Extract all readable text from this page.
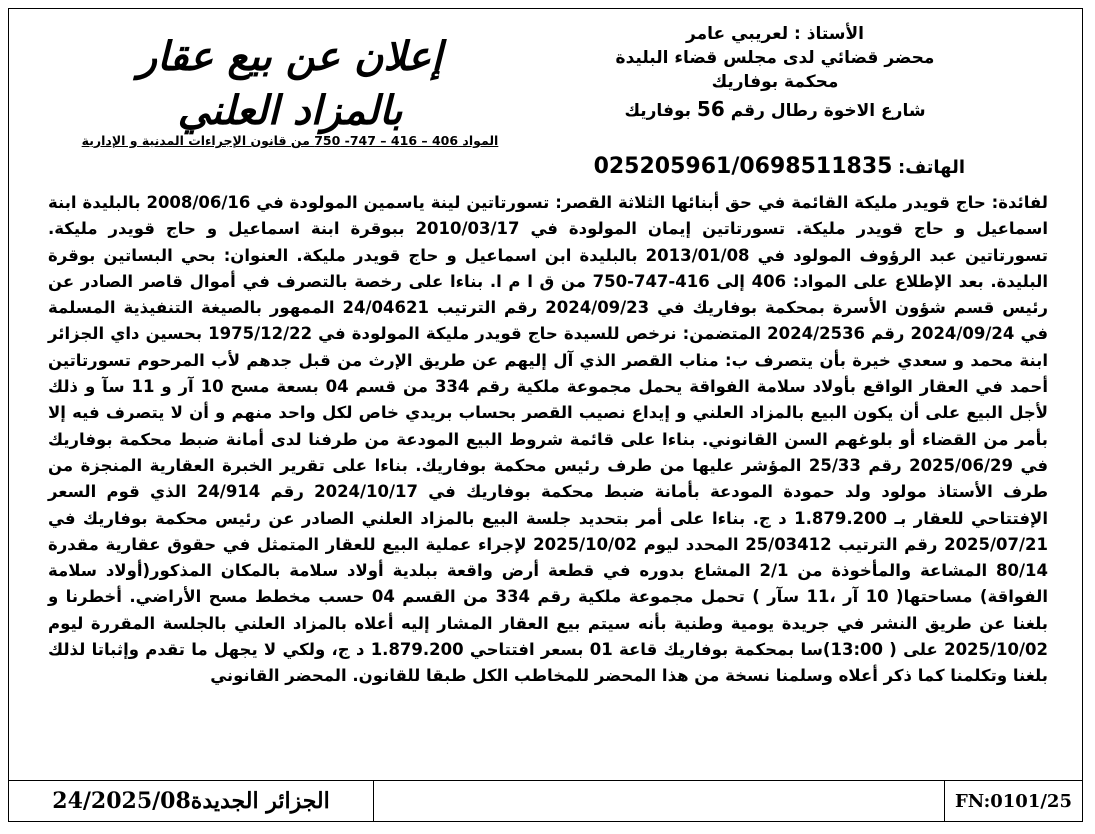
الأستاذ : لعريبي عامر
محضر قضائي لدى مجلس قضاء البليدة
محكمة بوفاريك
شارع الاخوة رطال رقم 56 بوفاريك
الهاتف: 025205961/0698511835
إعلان عن بيع عقار
بالمزاد العلني
المواد 406 – 416 – 747- 750 من قانون الإجراءات المدنية و الإدارية

لفائدة: حاج قويدر مليكة القائمة في حق أبنائها الثلاثة القصر: تسورتاتين لينة ياسمين المولودة في 2008/06/16 بالبليدة ابنة اسماعيل و حاج قويدر مليكة. تسورتاتين إيمان المولودة في 2010/03/17 ببوقرة ابنة اسماعيل و حاج قويدر مليكة. تسورتاتين عبد الرؤوف المولود في 2013/01/08 بالبليدة ابن اسماعيل و حاج قويدر مليكة. العنوان: بحي البساتين بوقرة البليدة. بعد الإطلاع على المواد: 406 إلى 416-747-750 من ق ا م ا. بناءا على رخصة بالتصرف في أموال قاصر الصادر عن رئيس قسم شؤون الأسرة بمحكمة بوفاريك في 2024/09/23 رقم الترتيب 24/04621 الممهور بالصيغة التنفيذية المسلمة في 2024/09/24 رقم 2024/2536 المتضمن: نرخص للسيدة حاج قويدر مليكة المولودة في 1975/12/22 بحسين داي الجزائر ابنة محمد و سعدي خيرة بأن يتصرف ب: مناب القصر الذي آل إليهم عن طريق الإرث من قبل جدهم لأب المرحوم تسورتاتين أحمد في العقار الواقع بأولاد سلامة الفواقة يحمل مجموعة ملكية رقم 334 من قسم 04 بسعة مسح 10 آر و 11 سآ و ذلك لأجل البيع على أن يكون البيع بالمزاد العلني و إيداع نصيب القصر بحساب بريدي خاص لكل واحد منهم و أن لا يتصرف فيه إلا بأمر من القضاء أو بلوغهم السن القانوني. بناءا على قائمة شروط البيع المودعة من طرفنا لدى أمانة ضبط محكمة بوفاريك في 2025/06/29 رقم 25/33 المؤشر عليها من طرف رئيس محكمة بوفاريك. بناءا على تقرير الخبرة العقارية المنجزة من طرف الأستاذ مولود ولد حمودة المودعة بأمانة ضبط محكمة بوفاريك في 2024/10/17 رقم 24/914 الذي قوم السعر الإفتتاحي للعقار بـ 1.879.200 د ج. بناءا على أمر بتحديد جلسة البيع بالمزاد العلني الصادر عن رئيس محكمة بوفاريك في 2025/07/21 رقم الترتيب 25/03412 المحدد ليوم 2025/10/02 لإجراء عملية البيع للعقار المتمثل في حقوق عقارية مقدرة 80/14 المشاعة والمأخوذة من 2/1 المشاع بدوره في قطعة أرض واقعة ببلدية أولاد سلامة بالمكان المذكور(أولاد سلامة الفواقة) مساحتها( 10 آر ،11 سآر ) تحمل مجموعة ملكية رقم 334 من القسم 04 حسب مخطط مسح الأراضي. أخطرنا و بلغنا عن طريق النشر في جريدة يومية وطنية بأنه سيتم بيع العقار المشار إليه أعلاه بالمزاد العلني بالجلسة المقررة ليوم 2025/10/02 على ( 13:00)سا بمحكمة بوفاريك قاعة 01 بسعر افتتاحي 1.879.200 د ج، ولكي لا يجهل ما تقدم وإثباتا لذلك بلغنا وتكلمنا كما ذكر أعلاه وسلمنا نسخة من هذا المحضر للمخاطب الكل طبقا للقانون. المحضر القانوني

الجزائر الجديدة24/2025/08	FN:0101/25
